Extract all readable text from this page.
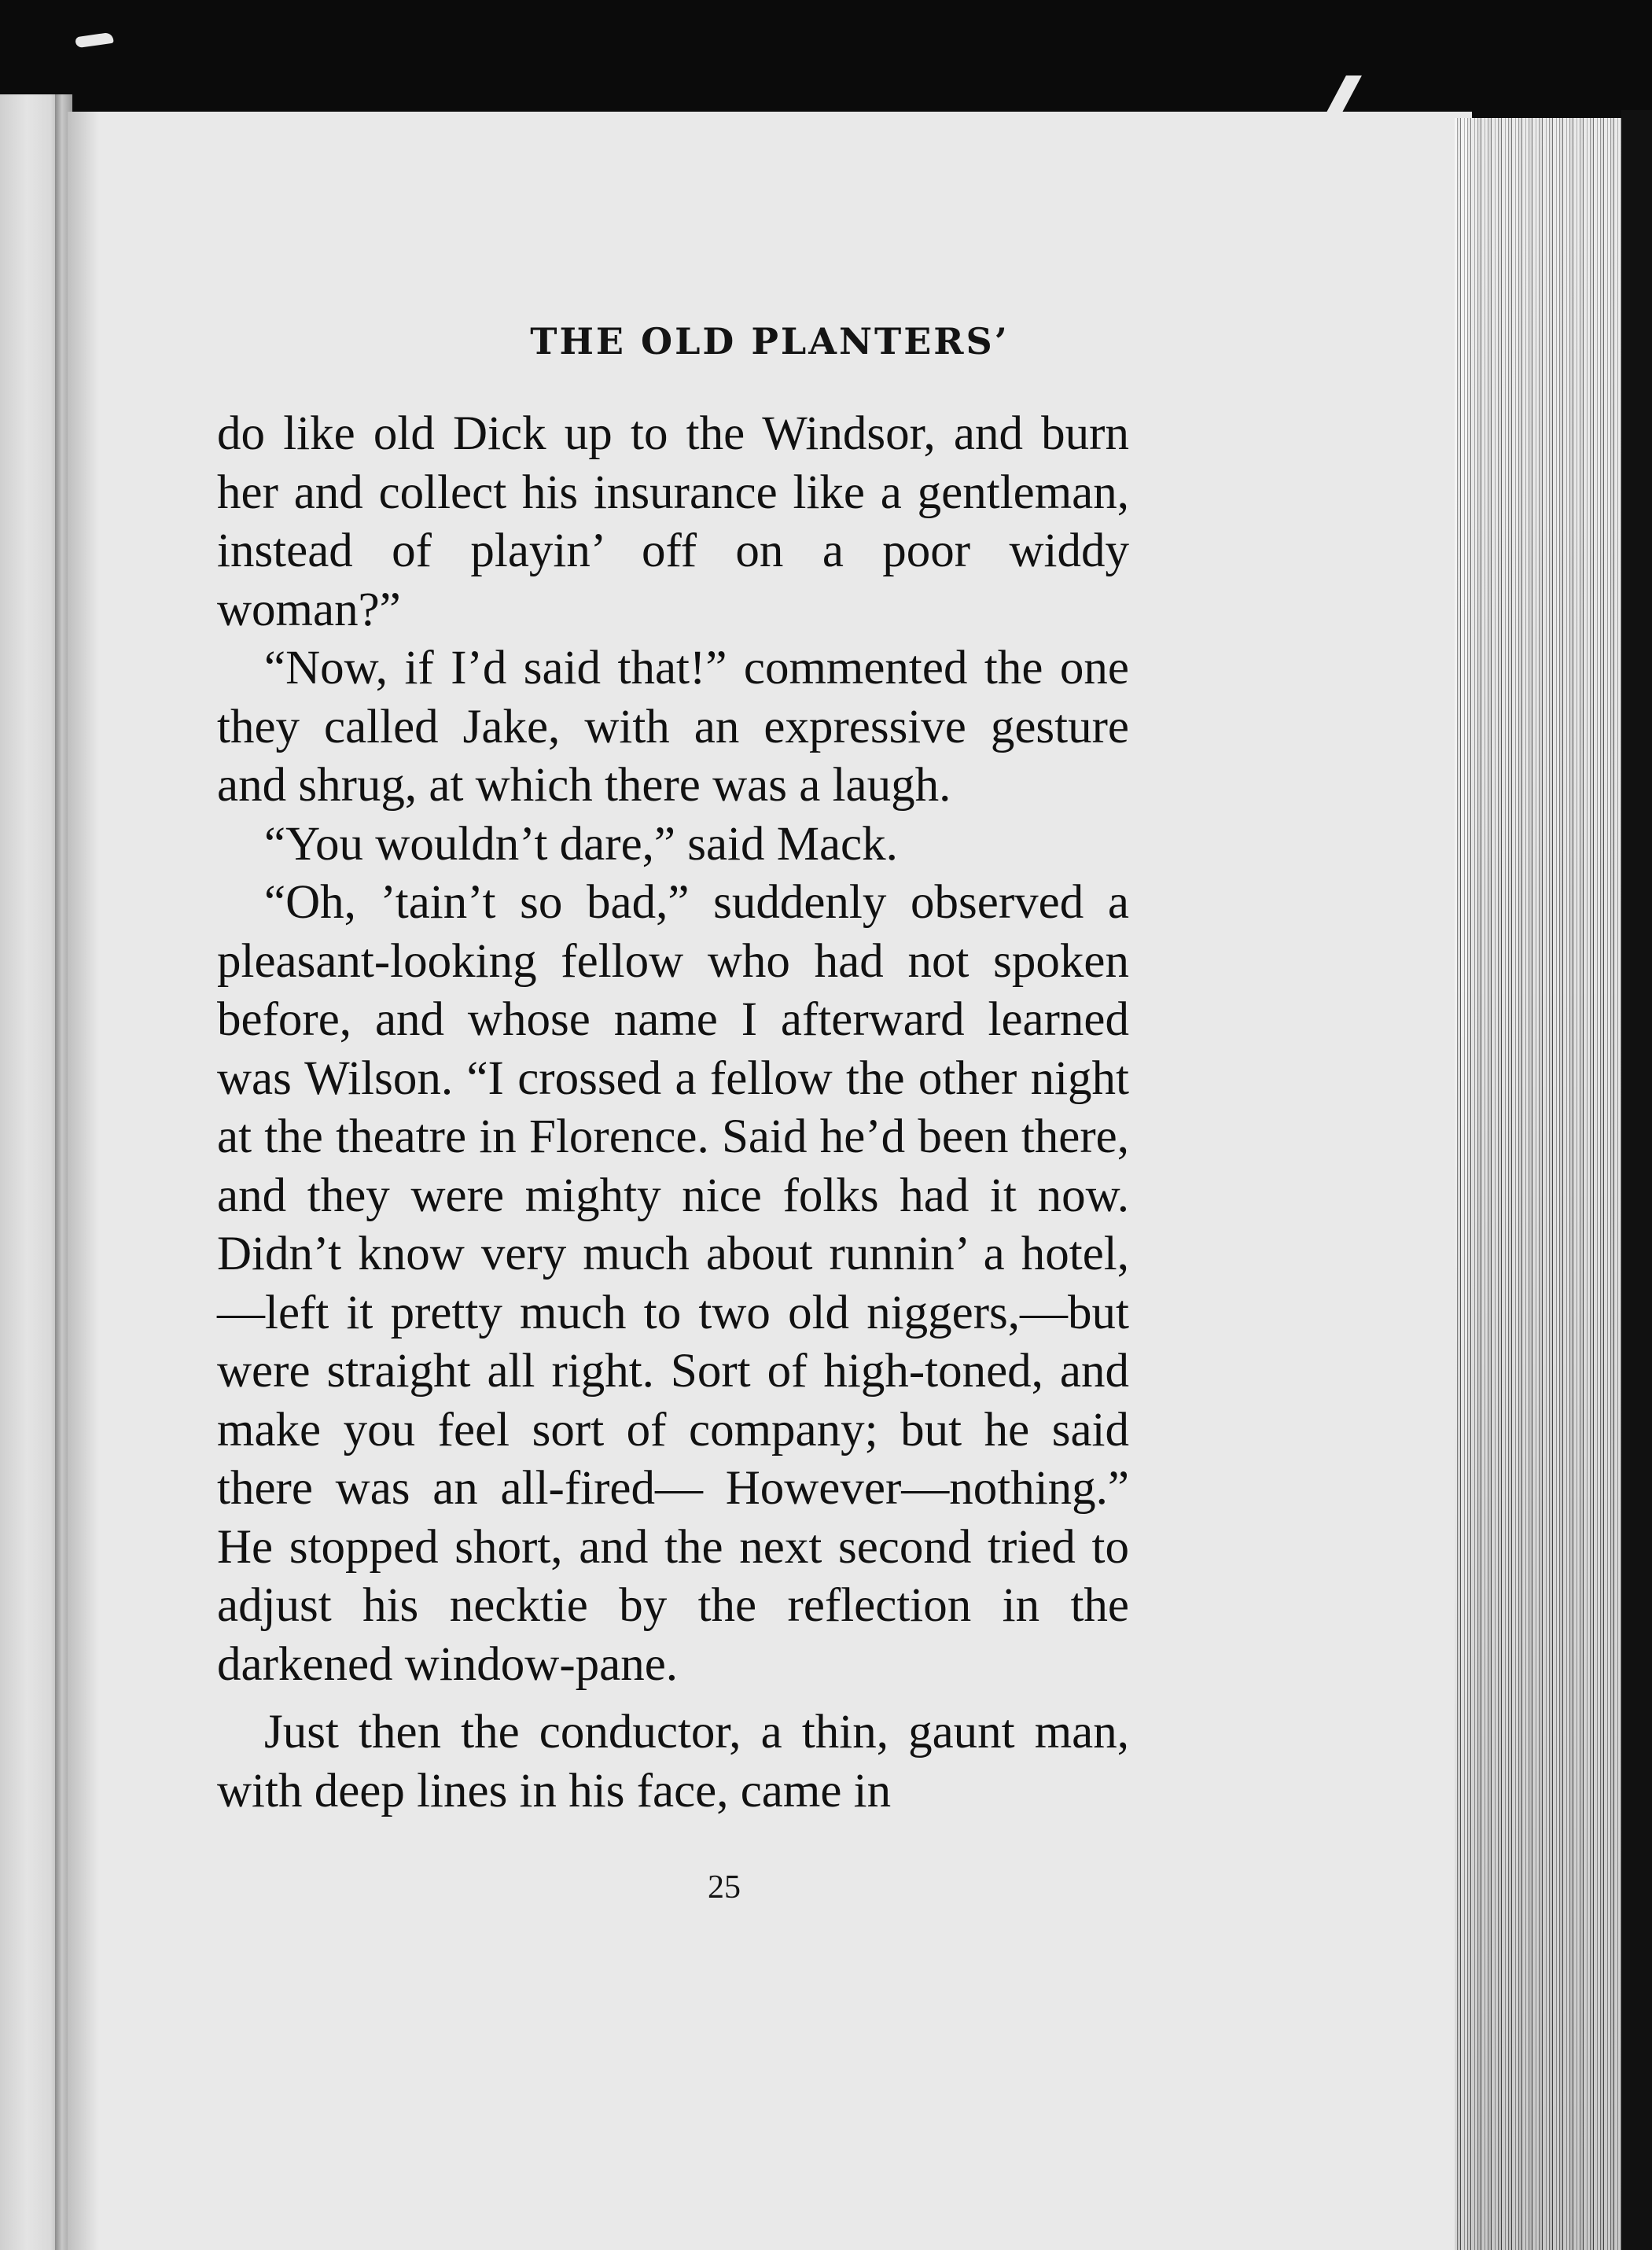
THE OLD PLANTERS’

do like old Dick up to the Windsor, and burn her and collect his insurance like a gentleman, instead of playin’ off on a poor widdy woman?”

“Now, if I’d said that!” commented the one they called Jake, with an expressive gesture and shrug, at which there was a laugh.

“You wouldn’t dare,” said Mack.

“Oh, ’tain’t so bad,” suddenly observed a pleasant-looking fellow who had not spoken before, and whose name I afterward learned was Wilson. “I crossed a fellow the other night at the theatre in Florence. Said he’d been there, and they were mighty nice folks had it now. Didn’t know very much about runnin’ a hotel,—left it pretty much to two old niggers,—but were straight all right. Sort of high-toned, and make you feel sort of company; but he said there was an all-fired— However—nothing.” He stopped short, and the next second tried to adjust his necktie by the reflection in the darkened window-pane.

Just then the conductor, a thin, gaunt man, with deep lines in his face, came in

25
